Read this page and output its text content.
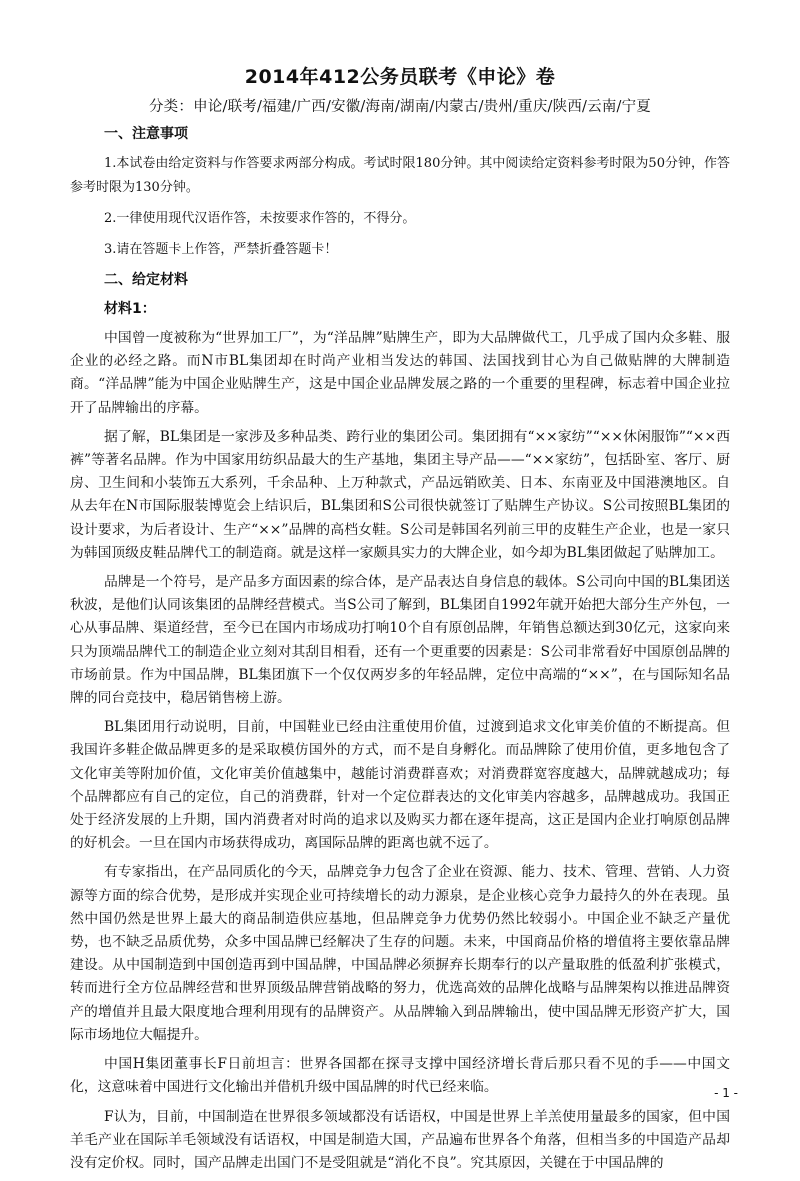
2014年412公务员联考《申论》卷
分类：申论/联考/福建/广西/安徽/海南/湖南/内蒙古/贵州/重庆/陕西/云南/宁夏

一、注意事项

1.本试卷由给定资料与作答要求两部分构成。考试时限180分钟。其中阅读给定资料参考时限为50分钟，作答参考时限为130分钟。

2.一律使用现代汉语作答，未按要求作答的，不得分。

3.请在答题卡上作答，严禁折叠答题卡！

二、给定材料

材料1：

中国曾一度被称为“世界加工厂”，为“洋品牌”贴牌生产，即为大品牌做代工，几乎成了国内众多鞋、服企业的必经之路。而N市BL集团却在时尚产业相当发达的韩国、法国找到甘心为自己做贴牌的大牌制造商。“洋品牌”能为中国企业贴牌生产，这是中国企业品牌发展之路的一个重要的里程碑，标志着中国企业拉开了品牌输出的序幕。

据了解，BL集团是一家涉及多种品类、跨行业的集团公司。集团拥有“××家纺”“××休闲服饰”“××西裤”等著名品牌。作为中国家用纺织品最大的生产基地，集团主导产品——“××家纺”，包括卧室、客厅、厨房、卫生间和小装饰五大系列，千余品种、上万种款式，产品远销欧美、日本、东南亚及中国港澳地区。自从去年在N市国际服装博览会上结识后，BL集团和S公司很快就签订了贴牌生产协议。S公司按照BL集团的设计要求，为后者设计、生产“××”品牌的高档女鞋。S公司是韩国名列前三甲的皮鞋生产企业，也是一家只为韩国顶级皮鞋品牌代工的制造商。就是这样一家颇具实力的大牌企业，如今却为BL集团做起了贴牌加工。

品牌是一个符号，是产品多方面因素的综合体，是产品表达自身信息的载体。S公司向中国的BL集团送秋波，是他们认同该集团的品牌经营模式。当S公司了解到，BL集团自1992年就开始把大部分生产外包，一心从事品牌、渠道经营，至今已在国内市场成功打响10个自有原创品牌，年销售总额达到30亿元，这家向来只为顶端品牌代工的制造企业立刻对其刮目相看，还有一个更重要的因素是：S公司非常看好中国原创品牌的市场前景。作为中国品牌，BL集团旗下一个仅仅两岁多的年轻品牌，定位中高端的“××”，在与国际知名品牌的同台竞技中，稳居销售榜上游。

BL集团用行动说明，目前，中国鞋业已经由注重使用价值，过渡到追求文化审美价值的不断提高。但我国许多鞋企做品牌更多的是采取模仿国外的方式，而不是自身孵化。而品牌除了使用价值，更多地包含了文化审美等附加价值，文化审美价值越集中，越能讨消费群喜欢；对消费群宽容度越大，品牌就越成功；每个品牌都应有自己的定位，自己的消费群，针对一个定位群表达的文化审美内容越多，品牌越成功。我国正处于经济发展的上升期，国内消费者对时尚的追求以及购买力都在逐年提高，这正是国内企业打响原创品牌的好机会。一旦在国内市场获得成功，离国际品牌的距离也就不远了。

有专家指出，在产品同质化的今天，品牌竞争力包含了企业在资源、能力、技术、管理、营销、人力资源等方面的综合优势，是形成并实现企业可持续增长的动力源泉，是企业核心竞争力最持久的外在表现。虽然中国仍然是世界上最大的商品制造供应基地，但品牌竞争力优势仍然比较弱小。中国企业不缺乏产量优势，也不缺乏品质优势，众多中国品牌已经解决了生存的问题。未来，中国商品价格的增值将主要依靠品牌建设。从中国制造到中国创造再到中国品牌，中国品牌必须摒弃长期奉行的以产量取胜的低盈利扩张模式，转而进行全方位品牌经营和世界顶级品牌营销战略的努力，优选高效的品牌化战略与品牌架构以推进品牌资产的增值并且最大限度地合理利用现有的品牌资产。从品牌输入到品牌输出，使中国品牌无形资产扩大，国际市场地位大幅提升。

中国H集团董事长F日前坦言：世界各国都在探寻支撑中国经济增长背后那只看不见的手——中国文化，这意味着中国进行文化输出并借机升级中国品牌的时代已经来临。

F认为，目前，中国制造在世界很多领域都没有话语权，中国是世界上羊羔使用量最多的国家，但中国羊毛产业在国际羊毛领域没有话语权，中国是制造大国，产品遍布世界各个角落，但相当多的中国造产品却没有定价权。同时，国产品牌走出国门不是受阻就是“消化不良”。究其原因，关键在于中国品牌的

- 1 -
